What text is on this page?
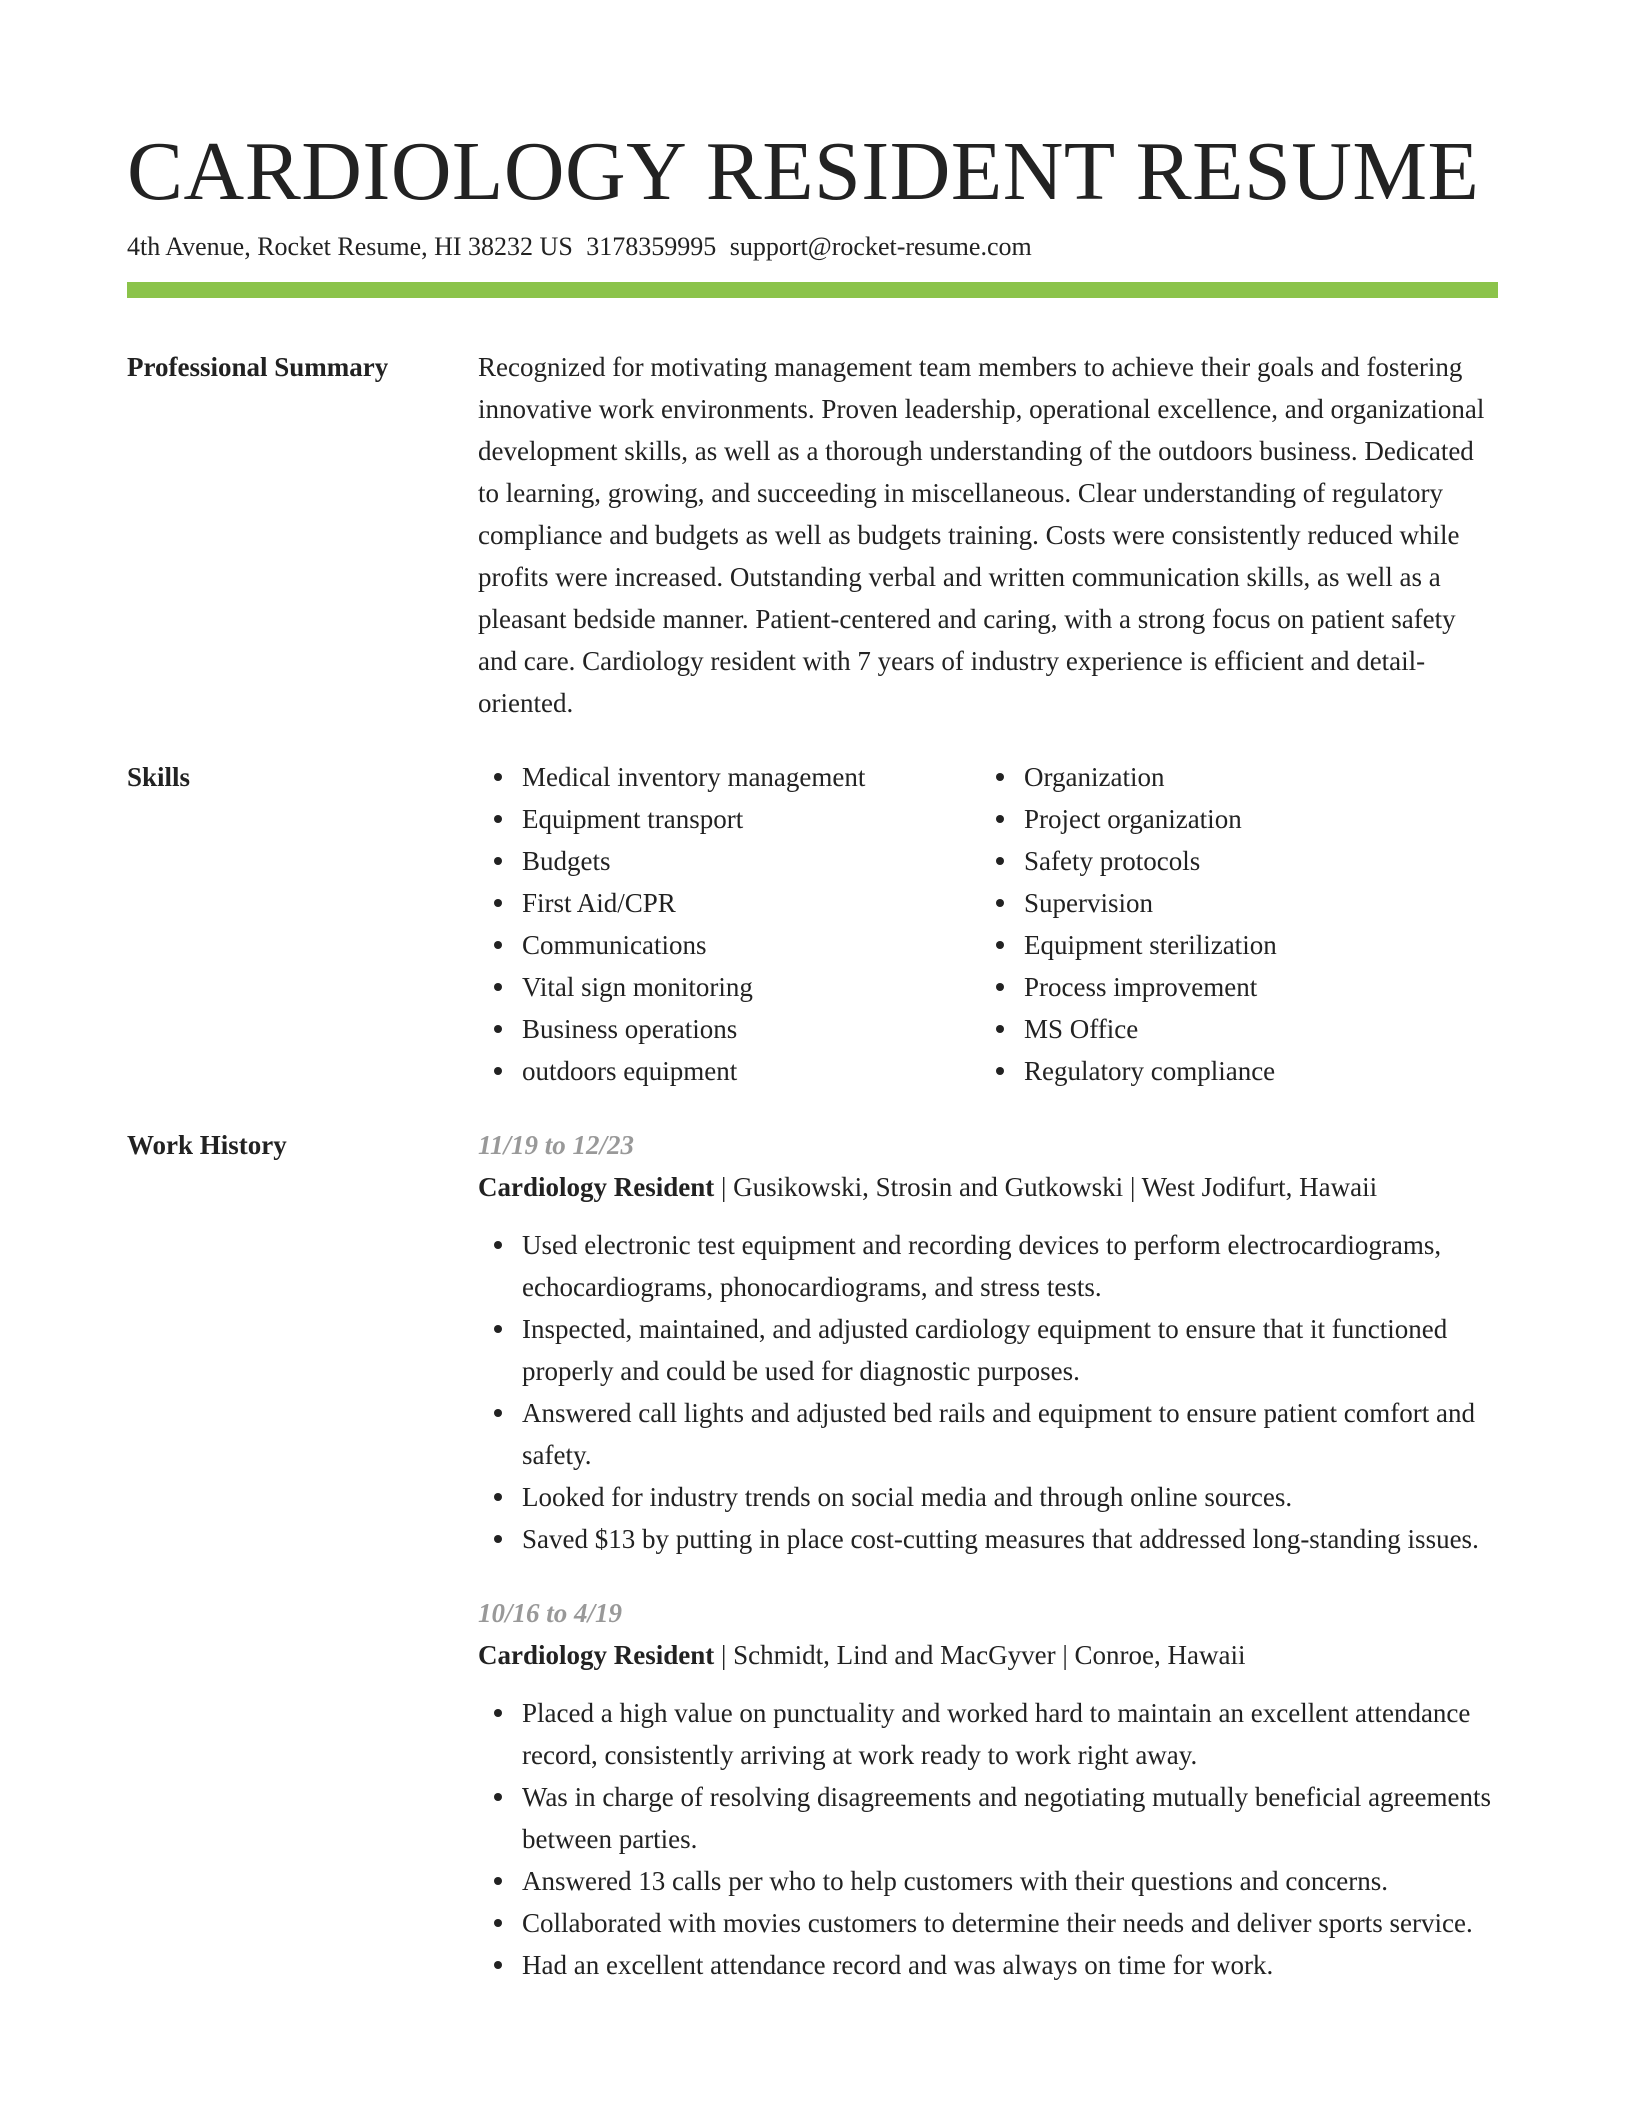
CARDIOLOGY RESIDENT RESUME
4th Avenue, Rocket Resume, HI 38232 US 3178359995 support@rocket-resume.com
Professional Summary	Recognized for motivating management team members to achieve their goals and fostering innovative work environments. Proven leadership, operational excellence, and organizational development skills, as well as a thorough understanding of the outdoors business. Dedicated to learning, growing, and succeeding in miscellaneous. Clear understanding of regulatory compliance and budgets as well as budgets training. Costs were consistently reduced while profits were increased. Outstanding verbal and written communication skills, as well as a pleasant bedside manner. Patient-centered and caring, with a strong focus on patient safety and care. Cardiology resident with 7 years of industry experience is efficient and detail-oriented.
Skills	Medical inventory management
Equipment transport
Budgets
First Aid/CPR
Communications
Vital sign monitoring
Business operations
outdoors equipment
Organization
Project organization
Safety protocols
Supervision
Equipment sterilization
Process improvement
MS Office
Regulatory compliance
Work History	11/19 to 12/23
Cardiology Resident | Gusikowski, Strosin and Gutkowski | West Jodifurt, Hawaii
Used electronic test equipment and recording devices to perform electrocardiograms, echocardiograms, phonocardiograms, and stress tests.
Inspected, maintained, and adjusted cardiology equipment to ensure that it functioned properly and could be used for diagnostic purposes.
Answered call lights and adjusted bed rails and equipment to ensure patient comfort and safety.
Looked for industry trends on social media and through online sources.
Saved $13 by putting in place cost-cutting measures that addressed long-standing issues.
10/16 to 4/19
Cardiology Resident | Schmidt, Lind and MacGyver | Conroe, Hawaii
Placed a high value on punctuality and worked hard to maintain an excellent attendance record, consistently arriving at work ready to work right away.
Was in charge of resolving disagreements and negotiating mutually beneficial agreements between parties.
Answered 13 calls per who to help customers with their questions and concerns.
Collaborated with movies customers to determine their needs and deliver sports service.
Had an excellent attendance record and was always on time for work.
